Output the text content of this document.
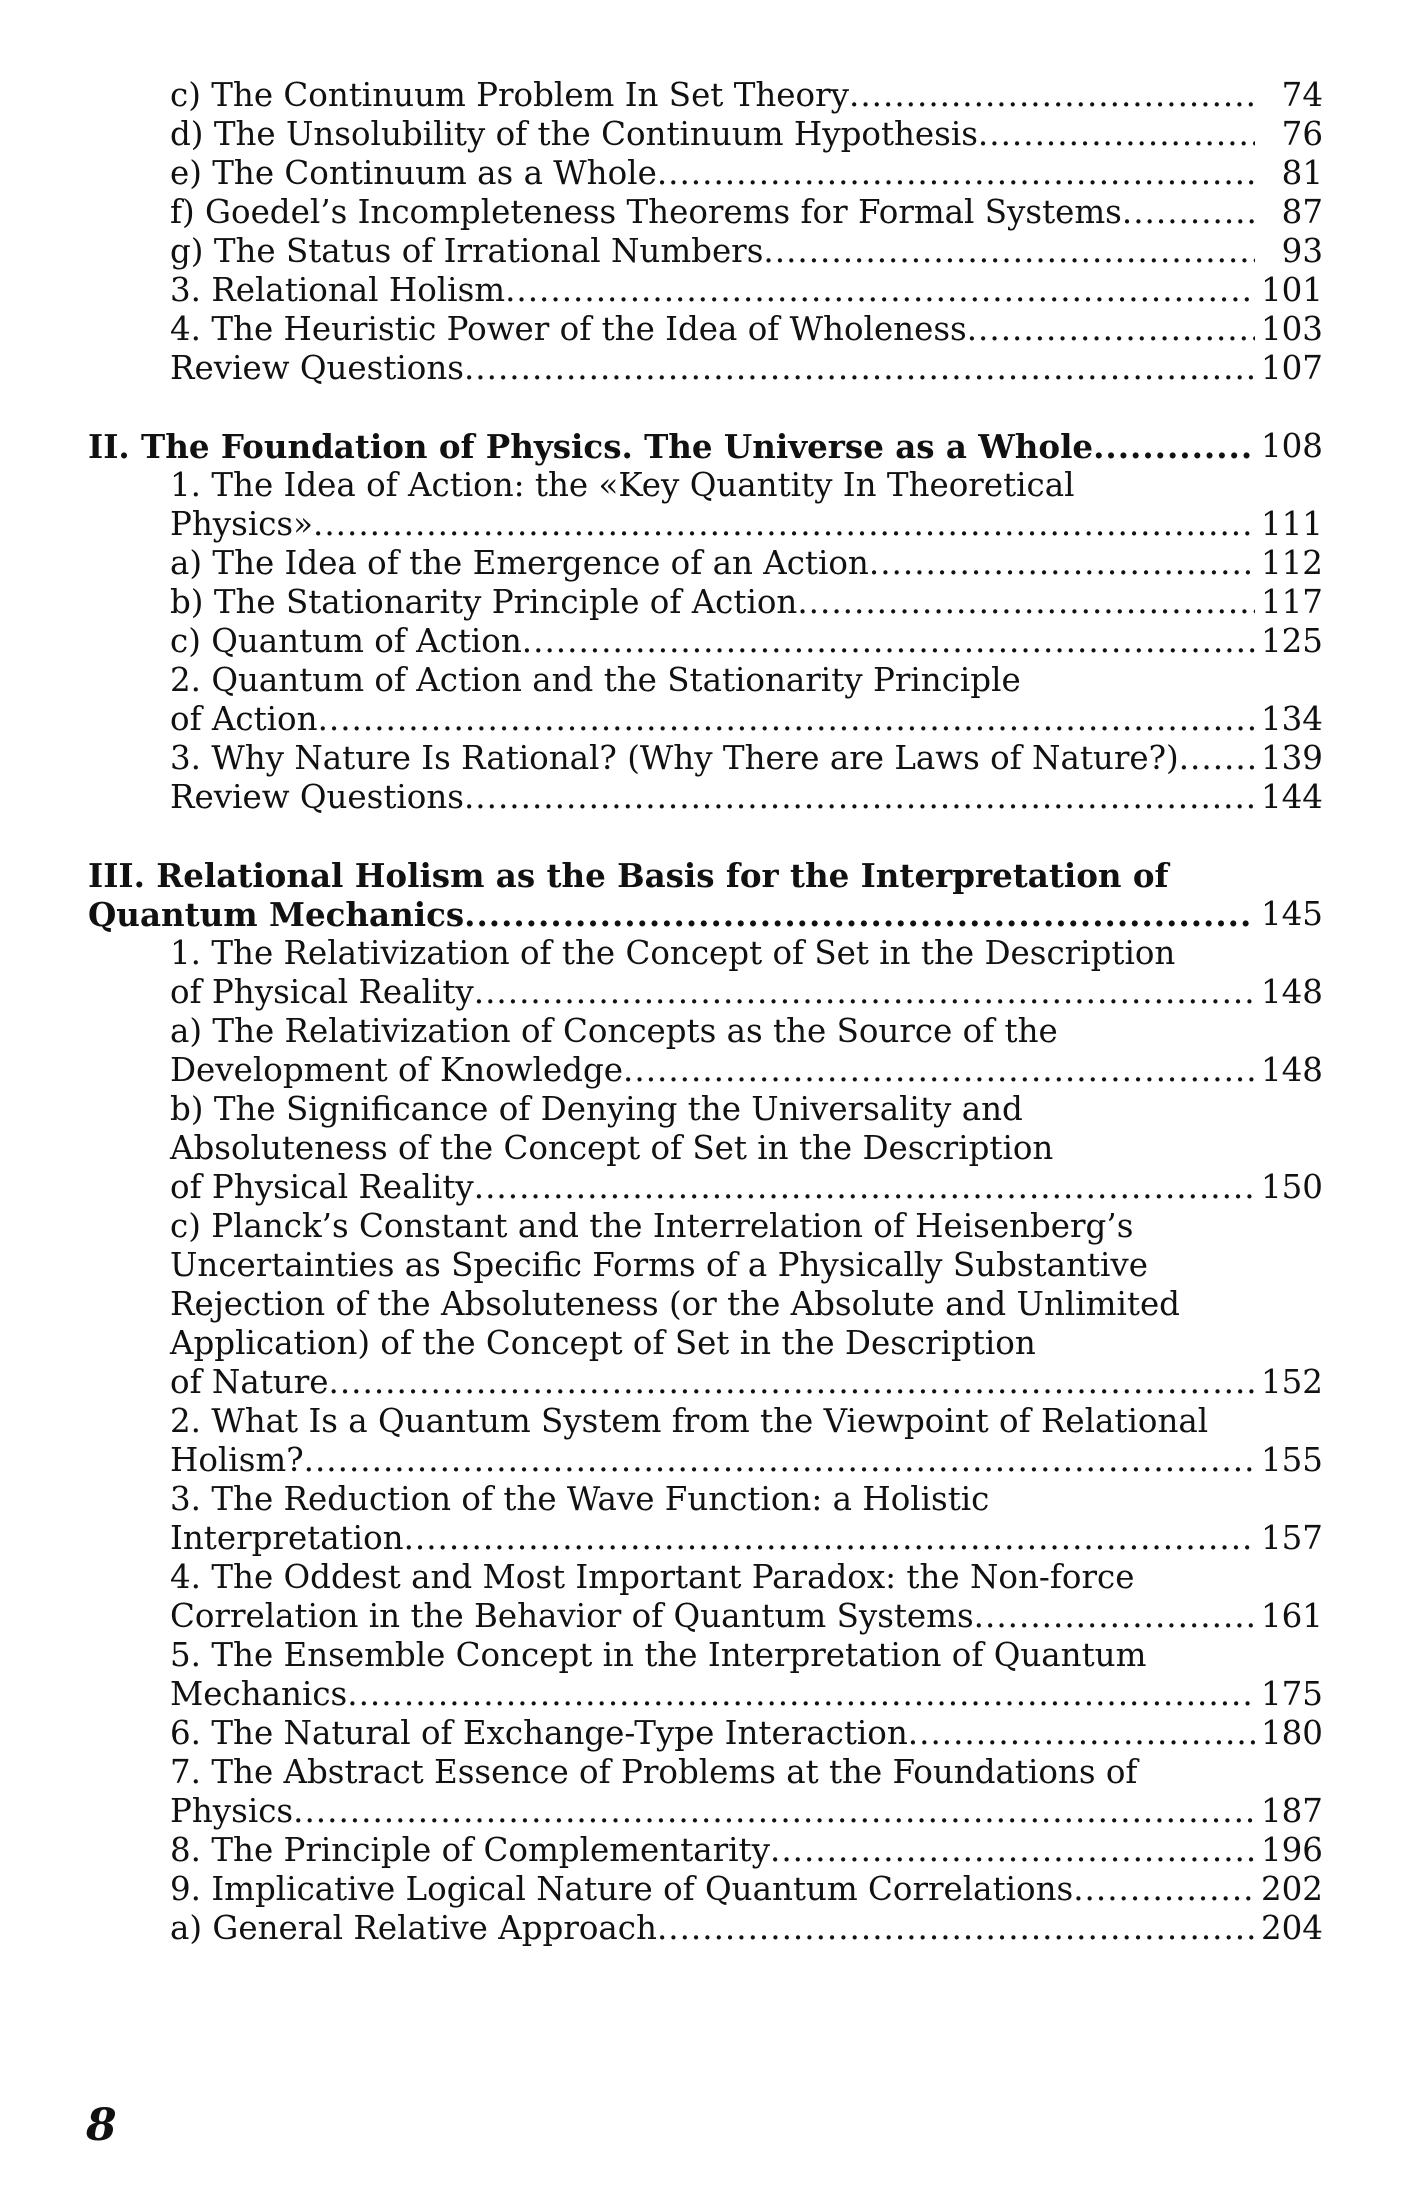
c) The Continuum Problem In Set Theory .....	74
d) The Unsolubility of the Continuum Hypothesis .....	76
e) The Continuum as a Whole .....	81
f) Goedel’s Incompleteness Theorems for Formal Systems .....	87
g) The Status of Irrational Numbers .....	93
3. Relational Holism .....	101
4. The Heuristic Power of the Idea of Wholeness .....	103
Review Questions .....	107
II. The Foundation of Physics. The Universe as a Whole .....	108
1. The Idea of Action: the «Key Quantity In Theoretical
Physics» .....	111
a) The Idea of the Emergence of an Action .....	112
b) The Stationarity Principle of Action .....	117
c) Quantum of Action .....	125
2. Quantum of Action and the Stationarity Principle
of Action .....	134
3. Why Nature Is Rational? (Why There are Laws of Nature?) .....	139
Review Questions .....	144
III. Relational Holism as the Basis for the Interpretation of
Quantum Mechanics .....	145
1. The Relativization of the Concept of Set in the Description
of Physical Reality .....	148
a) The Relativization of Concepts as the Source of the
Development of Knowledge .....	148
b) The Significance of Denying the Universality and
Absoluteness of the Concept of Set in the Description
of Physical Reality .....	150
c) Planck’s Constant and the Interrelation of Heisenberg’s
Uncertainties as Specific Forms of a Physically Substantive
Rejection of the Absoluteness (or the Absolute and Unlimited
Application) of the Concept of Set in the Description
of Nature .....	152
2. What Is a Quantum System from the Viewpoint of Relational
Holism? .....	155
3. The Reduction of the Wave Function: a Holistic
Interpretation .....	157
4. The Oddest and Most Important Paradox: the Non-force
Correlation in the Behavior of Quantum Systems .....	161
5. The Ensemble Concept in the Interpretation of Quantum
Mechanics .....	175
6. The Natural of Exchange-Type Interaction .....	180
7. The Abstract Essence of Problems at the Foundations of
Physics .....	187
8. The Principle of Complementarity .....	196
9. Implicative Logical Nature of Quantum Correlations .....	202
a) General Relative Approach .....	204
8
